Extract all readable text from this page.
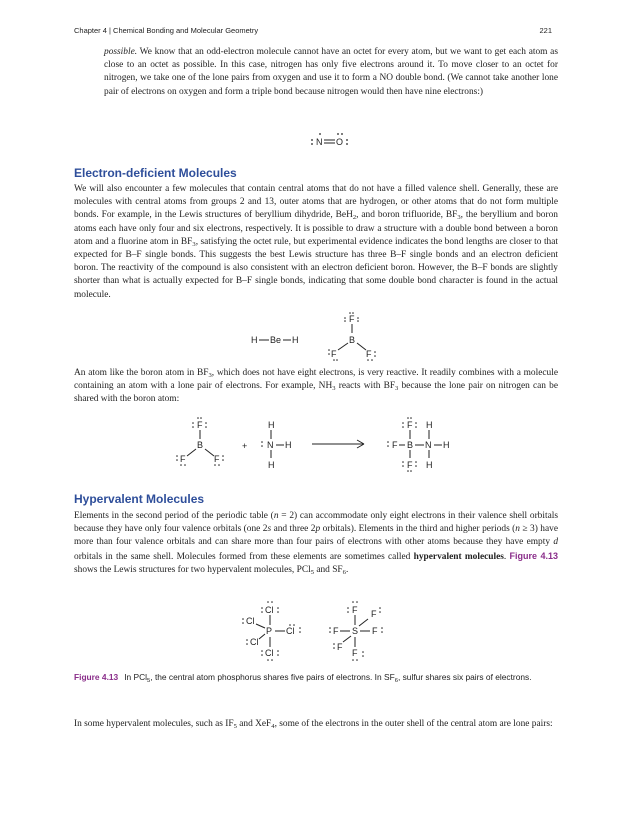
Chapter 4 | Chemical Bonding and Molecular Geometry	221

possible. We know that an odd-electron molecule cannot have an octet for every atom, but we want to get each atom as close to an octet as possible. In this case, nitrogen has only five electrons around it. To move closer to an octet for nitrogen, we take one of the lone pairs from oxygen and use it to form a NO double bond. (We cannot take another lone pair of electrons on oxygen and form a triple bond because nitrogen would then have nine electrons:)

N O
Electron-deficient Molecules

We will also encounter a few molecules that contain central atoms that do not have a filled valence shell. Generally, these are molecules with central atoms from groups 2 and 13, outer atoms that are hydrogen, or other atoms that do not form multiple bonds. For example, in the Lewis structures of beryllium dihydride, BeH$_2$, and boron trifluoride, $BF_3$, the beryllium and boron atoms each have only four and six electrons, respectively. It is possible to draw a structure with a double bond between a boron atom and a fluorine atom in $BF_3$, satisfying the octet rule, but experimental evidence indicates the bond lengths are closer to that expected for B–F single bonds. This suggests the best Lewis structure has three B–F single bonds and an electron deficient boron. The reactivity of the compound is also consistent with an electron deficient boron. However, the B–F bonds are slightly shorter than what is actually expected for B–F single bonds, indicating that some double bond character is found in the actual molecule.

H Be H
F
B
F	F

An atom like the boron atom in $BF_3$, which does not have eight electrons, is very reactive. It readily combines with a molecule containing an atom with a lone pair of electrons. For example, $NH_3$ reacts with $BF_3$ because the lone pair on nitrogen can be shared with the boron atom:

F
B
F	F
+
H
N H
H
F
F B N H
H
H
F
Hypervalent Molecules

Elements in the second period of the periodic table (n = 2) can accommodate only eight electrons in their valence shell orbitals because they have only four valence orbitals (one 2s and three 2p orbitals). Elements in the third and higher periods (n ≥ 3) have more than four valence orbitals and can share more than four pairs of electrons with other atoms because they have empty d orbitals in the same shell. Molecules formed from these elements are sometimes called hypervalent molecules. Figure 4.13 shows the Lewis structures for two hypervalent molecules, PCl$_5$ and $SF_6$.

Cl
P Cl
Cl
Cl
Cl
F F
F S F
F
F
Figure 4.13 In PCl$_5$, the central atom phosphorus shares five pairs of electrons. In $SF_6$, sulfur shares six pairs of electrons.

In some hypervalent molecules, such as $IF_5$ and XeF$_4$, some of the electrons in the outer shell of the central atom are lone pairs:
